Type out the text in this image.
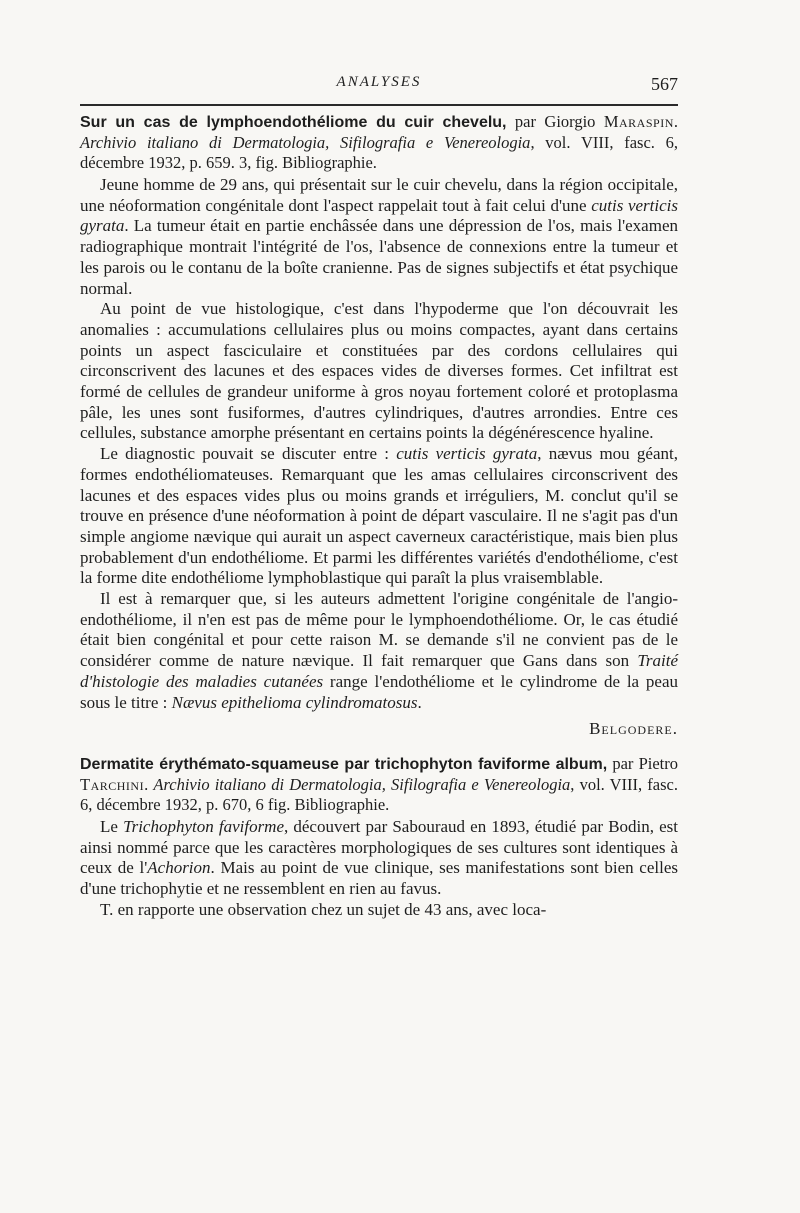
ANALYSES	567
Sur un cas de lymphoendothéliome du cuir chevelu, par Giorgio Maraspin. Archivio italiano di Dermatologia, Sifilografia e Venereologia, vol. VIII, fasc. 6, décembre 1932, p. 659. 3, fig. Bibliographie.

Jeune homme de 29 ans, qui présentait sur le cuir chevelu, dans la région occipitale, une néoformation congénitale dont l'aspect rappelait tout à fait celui d'une cutis verticis gyrata. La tumeur était en partie enchâssée dans une dépression de l'os, mais l'examen radiographique montrait l'intégrité de l'os, l'absence de connexions entre la tumeur et les parois ou le contanu de la boîte cranienne. Pas de signes subjectifs et état psychique normal.

Au point de vue histologique, c'est dans l'hypoderme que l'on découvrait les anomalies : accumulations cellulaires plus ou moins compactes, ayant dans certains points un aspect fasciculaire et constituées par des cordons cellulaires qui circonscrivent des lacunes et des espaces vides de diverses formes. Cet infiltrat est formé de cellules de grandeur uniforme à gros noyau fortement coloré et protoplasma pâle, les unes sont fusiformes, d'autres cylindriques, d'autres arrondies. Entre ces cellules, substance amorphe présentant en certains points la dégénérescence hyaline.

Le diagnostic pouvait se discuter entre : cutis verticis gyrata, nævus mou géant, formes endothéliomateuses. Remarquant que les amas cellulaires circonscrivent des lacunes et des espaces vides plus ou moins grands et irréguliers, M. conclut qu'il se trouve en présence d'une néoformation à point de départ vasculaire. Il ne s'agit pas d'un simple angiome nævique qui aurait un aspect caverneux caractéristique, mais bien plus probablement d'un endothéliome. Et parmi les différentes variétés d'endothéliome, c'est la forme dite endothéliome lymphoblastique qui paraît la plus vraisemblable.

Il est à remarquer que, si les auteurs admettent l'origine congénitale de l'angio-endothéliome, il n'en est pas de même pour le lymphoendothéliome. Or, le cas étudié était bien congénital et pour cette raison M. se demande s'il ne convient pas de le considérer comme de nature nævique. Il fait remarquer que Gans dans son Traité d'histologie des maladies cutanées range l'endothéliome et le cylindrome de la peau sous le titre : Nævus epithelioma cylindromatosus.

Belgodere.
Dermatite érythémato-squameuse par trichophyton faviforme album, par Pietro Tarchini. Archivio italiano di Dermatologia, Sifilografia e Venereologia, vol. VIII, fasc. 6, décembre 1932, p. 670, 6 fig. Bibliographie.

Le Trichophyton faviforme, découvert par Sabouraud en 1893, étudié par Bodin, est ainsi nommé parce que les caractères morphologiques de ses cultures sont identiques à ceux de l'Achorion. Mais au point de vue clinique, ses manifestations sont bien celles d'une trichophytie et ne ressemblent en rien au favus.

T. en rapporte une observation chez un sujet de 43 ans, avec loca-
